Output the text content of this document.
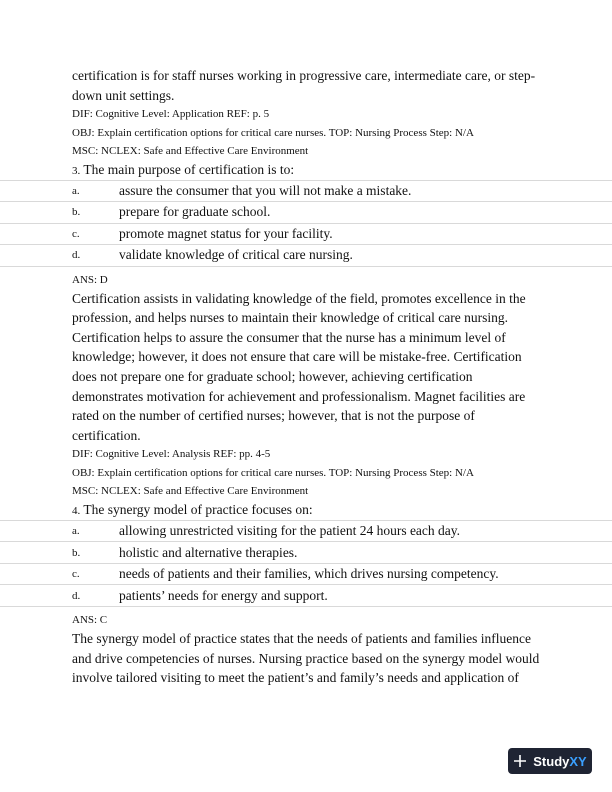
certification is for staff nurses working in progressive care, intermediate care, or step-down unit settings.

DIF: Cognitive Level: Application REF: p. 5

OBJ: Explain certification options for critical care nurses. TOP: Nursing Process Step: N/A

MSC: NCLEX: Safe and Effective Care Environment

3. The main purpose of certification is to:

a.	assure the consumer that you will not make a mistake.
b.	prepare for graduate school.
c.	promote magnet status for your facility.
d.	validate knowledge of critical care nursing.

ANS: D

Certification assists in validating knowledge of the field, promotes excellence in the profession, and helps nurses to maintain their knowledge of critical care nursing. Certification helps to assure the consumer that the nurse has a minimum level of knowledge; however, it does not ensure that care will be mistake-free. Certification does not prepare one for graduate school; however, achieving certification demonstrates motivation for achievement and professionalism. Magnet facilities are rated on the number of certified nurses; however, that is not the purpose of certification.

DIF: Cognitive Level: Analysis REF: pp. 4-5

OBJ: Explain certification options for critical care nurses. TOP: Nursing Process Step: N/A

MSC: NCLEX: Safe and Effective Care Environment

4. The synergy model of practice focuses on:

a.	allowing unrestricted visiting for the patient 24 hours each day.
b.	holistic and alternative therapies.
c.	needs of patients and their families, which drives nursing competency.
d.	patients’ needs for energy and support.

ANS: C

The synergy model of practice states that the needs of patients and families influence and drive competencies of nurses. Nursing practice based on the synergy model would involve tailored visiting to meet the patient’s and family’s needs and application of

Study XY
